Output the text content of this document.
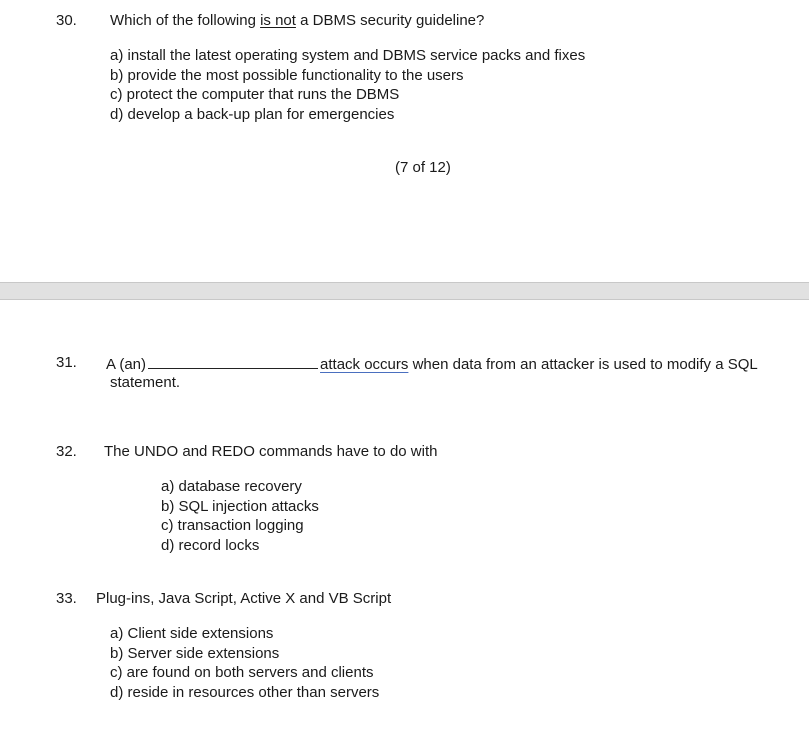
30. Which of the following is not a DBMS security guideline?
a) install the latest operating system and DBMS service packs and fixes
b) provide the most possible functionality to the users
c) protect the computer that runs the DBMS
d) develop a back-up plan for emergencies
(7 of 12)
31. A (an)	attack occurs when data from an attacker is used to modify a SQL
statement.
32. The UNDO and REDO commands have to do with
a) database recovery
b) SQL injection attacks
c) transaction logging
d) record locks
33. Plug-ins, Java Script, Active X and VB Script
a) Client side extensions
b) Server side extensions
c) are found on both servers and clients
d) reside in resources other than servers
